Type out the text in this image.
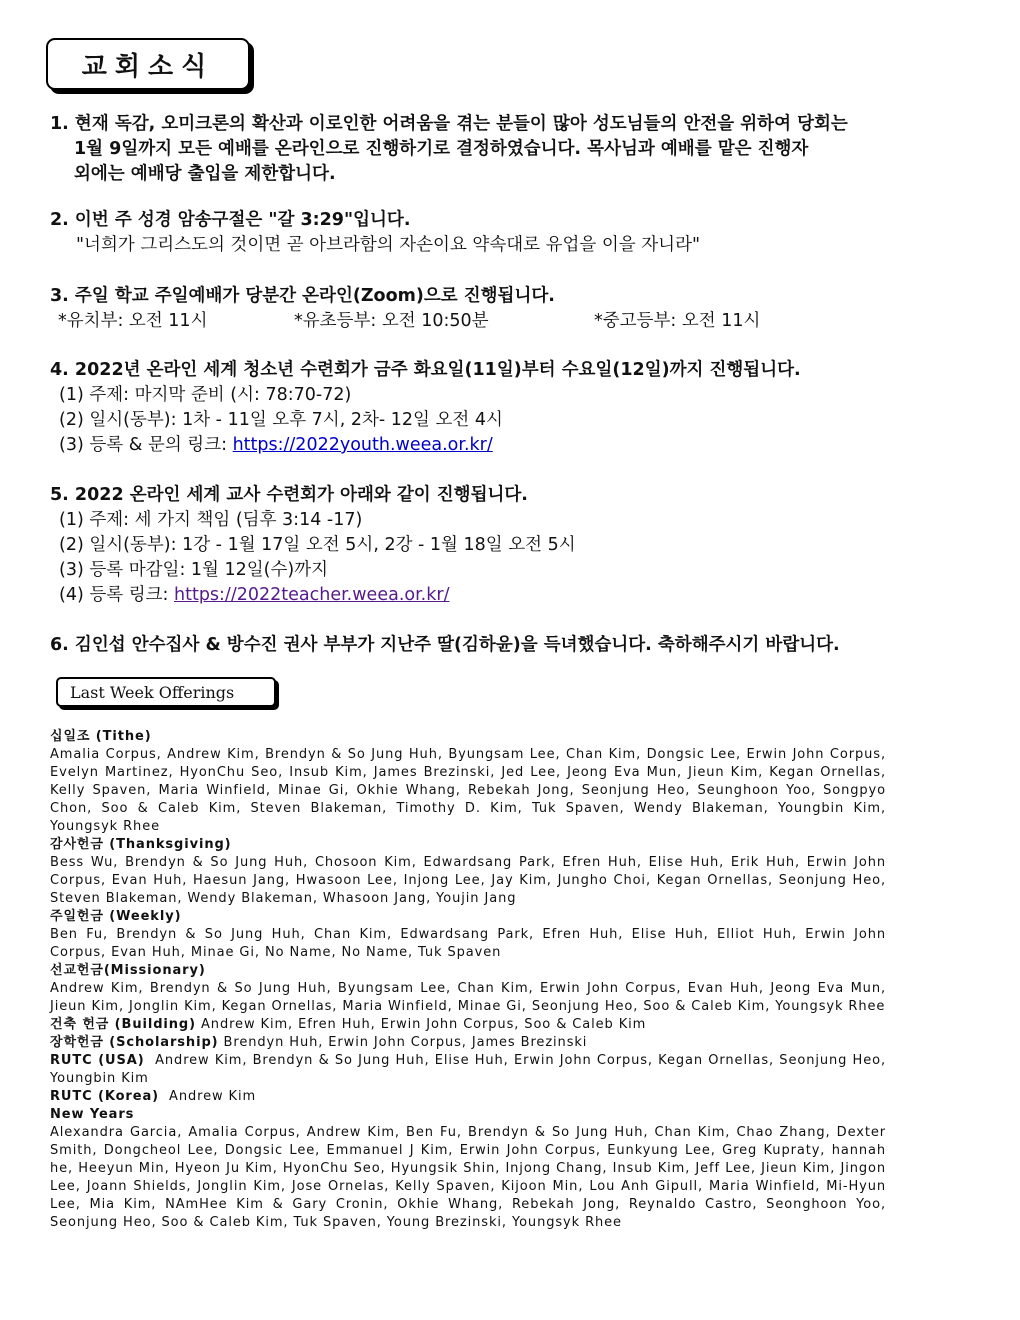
교회소식
1. 현재 독감, 오미크론의 확산과 이로인한 어려움을 겪는 분들이 많아 성도님들의 안전을 위하여 당회는
1월 9일까지 모든 예배를 온라인으로 진행하기로 결정하였습니다. 목사님과 예배를 맡은 진행자
외에는 예배당 출입을 제한합니다.
2. 이번 주 성경 암송구절은 "갈 3:29"입니다.
"너희가 그리스도의 것이면 곧 아브라함의 자손이요 약속대로 유업을 이을 자니라"
3. 주일 학교 주일예배가 당분간 온라인(Zoom)으로 진행됩니다.
*유치부: 오전 11시	*유초등부: 오전 10:50분	*중고등부: 오전 11시
4. 2022년 온라인 세계 청소년 수련회가 금주 화요일(11일)부터 수요일(12일)까지 진행됩니다.
(1) 주제: 마지막 준비 (시: 78:70-72)
(2) 일시(동부): 1차 - 11일 오후 7시, 2차- 12일 오전 4시
(3) 등록 & 문의 링크: https://2022youth.weea.or.kr/
5. 2022 온라인 세계 교사 수련회가 아래와 같이 진행됩니다.
(1) 주제: 세 가지 책임 (딤후 3:14 -17)
(2) 일시(동부): 1강 - 1월 17일 오전 5시, 2강 - 1월 18일 오전 5시
(3) 등록 마감일: 1월 12일(수)까지
(4) 등록 링크: https://2022teacher.weea.or.kr/
6. 김인섭 안수집사 & 방수진 권사 부부가 지난주 딸(김하윤)을 득녀했습니다. 축하해주시기 바랍니다.
Last Week Offerings

십일조 (Tithe)
Amalia Corpus, Andrew Kim, Brendyn & So Jung Huh, Byungsam Lee, Chan Kim, Dongsic Lee, Erwin John Corpus, Evelyn Martinez, HyonChu Seo, Insub Kim, James Brezinski, Jed Lee, Jeong Eva Mun, Jieun Kim, Kegan Ornellas, Kelly Spaven, Maria Winfield, Minae Gi, Okhie Whang, Rebekah Jong, Seonjung Heo, Seunghoon Yoo, Songpyo Chon, Soo & Caleb Kim, Steven Blakeman, Timothy D. Kim, Tuk Spaven, Wendy Blakeman, Youngbin Kim, Youngsyk Rhee

감사헌금 (Thanksgiving)
Bess Wu, Brendyn & So Jung Huh, Chosoon Kim, Edwardsang Park, Efren Huh, Elise Huh, Erik Huh, Erwin John Corpus, Evan Huh, Haesun Jang, Hwasoon Lee, Injong Lee, Jay Kim, Jungho Choi, Kegan Ornellas, Seonjung Heo, Steven Blakeman, Wendy Blakeman, Whasoon Jang, Youjin Jang

주일헌금 (Weekly)
Ben Fu, Brendyn & So Jung Huh, Chan Kim, Edwardsang Park, Efren Huh, Elise Huh, Elliot Huh, Erwin John Corpus, Evan Huh, Minae Gi, No Name, No Name, Tuk Spaven

선교헌금(Missionary)
Andrew Kim, Brendyn & So Jung Huh, Byungsam Lee, Chan Kim, Erwin John Corpus, Evan Huh, Jeong Eva Mun, Jieun Kim, Jonglin Kim, Kegan Ornellas, Maria Winfield, Minae Gi, Seonjung Heo, Soo & Caleb Kim, Youngsyk Rhee

건축 헌금 (Building) Andrew Kim, Efren Huh, Erwin John Corpus, Soo & Caleb Kim

장학헌금 (Scholarship) Brendyn Huh, Erwin John Corpus, James Brezinski

RUTC (USA) Andrew Kim, Brendyn & So Jung Huh, Elise Huh, Erwin John Corpus, Kegan Ornellas, Seonjung Heo, Youngbin Kim

RUTC (Korea) Andrew Kim

New Years
Alexandra Garcia, Amalia Corpus, Andrew Kim, Ben Fu, Brendyn & So Jung Huh, Chan Kim, Chao Zhang, Dexter Smith, Dongcheol Lee, Dongsic Lee, Emmanuel J Kim, Erwin John Corpus, Eunkyung Lee, Greg Kupraty, hannah he, Heeyun Min, Hyeon Ju Kim, HyonChu Seo, Hyungsik Shin, Injong Chang, Insub Kim, Jeff Lee, Jieun Kim, Jingon Lee, Joann Shields, Jonglin Kim, Jose Ornelas, Kelly Spaven, Kijoon Min, Lou Anh Gipull, Maria Winfield, Mi-Hyun Lee, Mia Kim, NAmHee Kim & Gary Cronin, Okhie Whang, Rebekah Jong, Reynaldo Castro, Seonghoon Yoo, Seonjung Heo, Soo & Caleb Kim, Tuk Spaven, Young Brezinski, Youngsyk Rhee
